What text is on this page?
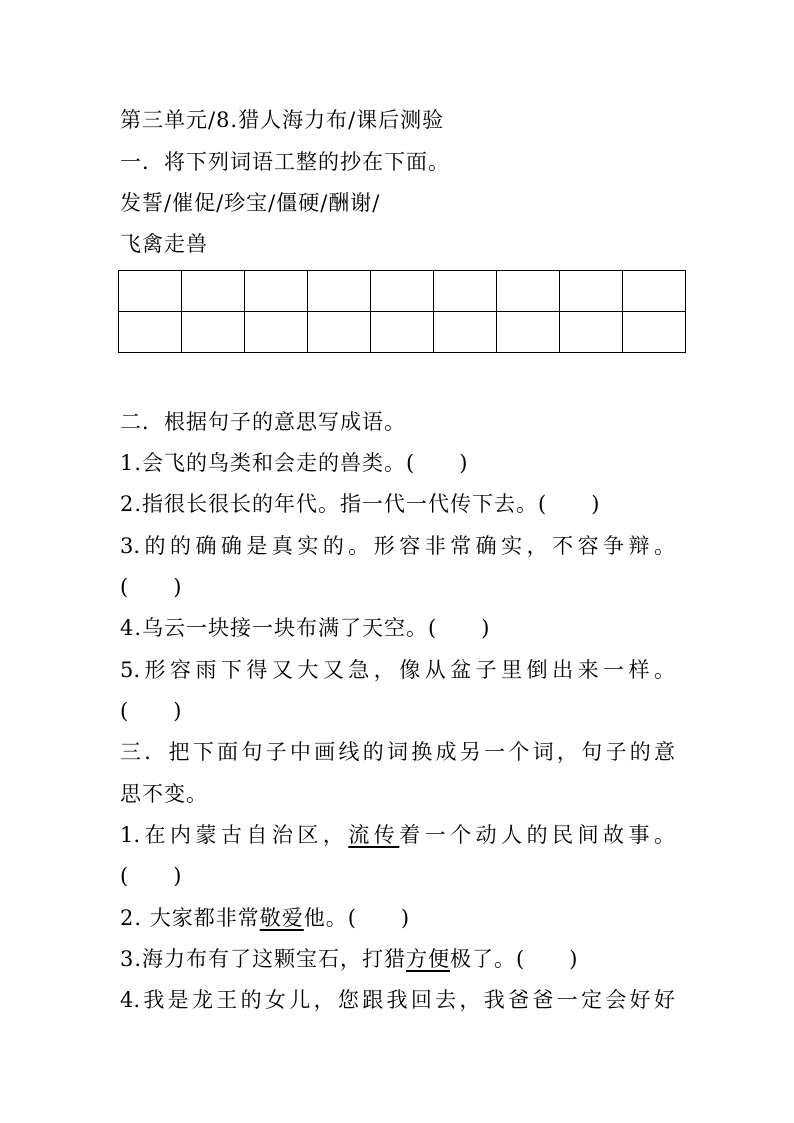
第三单元/8.猎人海力布/课后测验
一．将下列词语工整的抄在下面。
发誓/催促/珍宝/僵硬/酬谢/
飞禽走兽

二．根据句子的意思写成语。
1.会飞的鸟类和会走的兽类。(　　)
2.指很长很长的年代。指一代一代传下去。(　　)
3.的的确确是真实的。形容非常确实，不容争辩。
(　　)
4.乌云一块接一块布满了天空。(　　)
5.形容雨下得又大又急，像从盆子里倒出来一样。
(　　)
三．把下面句子中画线的词换成另一个词，句子的意
思不变。
1.在内蒙古自治区，流传着一个动人的民间故事。
(　　)
2. 大家都非常敬爱他。(　　)
3.海力布有了这颗宝石，打猎方便极了。(　　)
4.我是龙王的女儿，您跟我回去，我爸爸一定会好好
